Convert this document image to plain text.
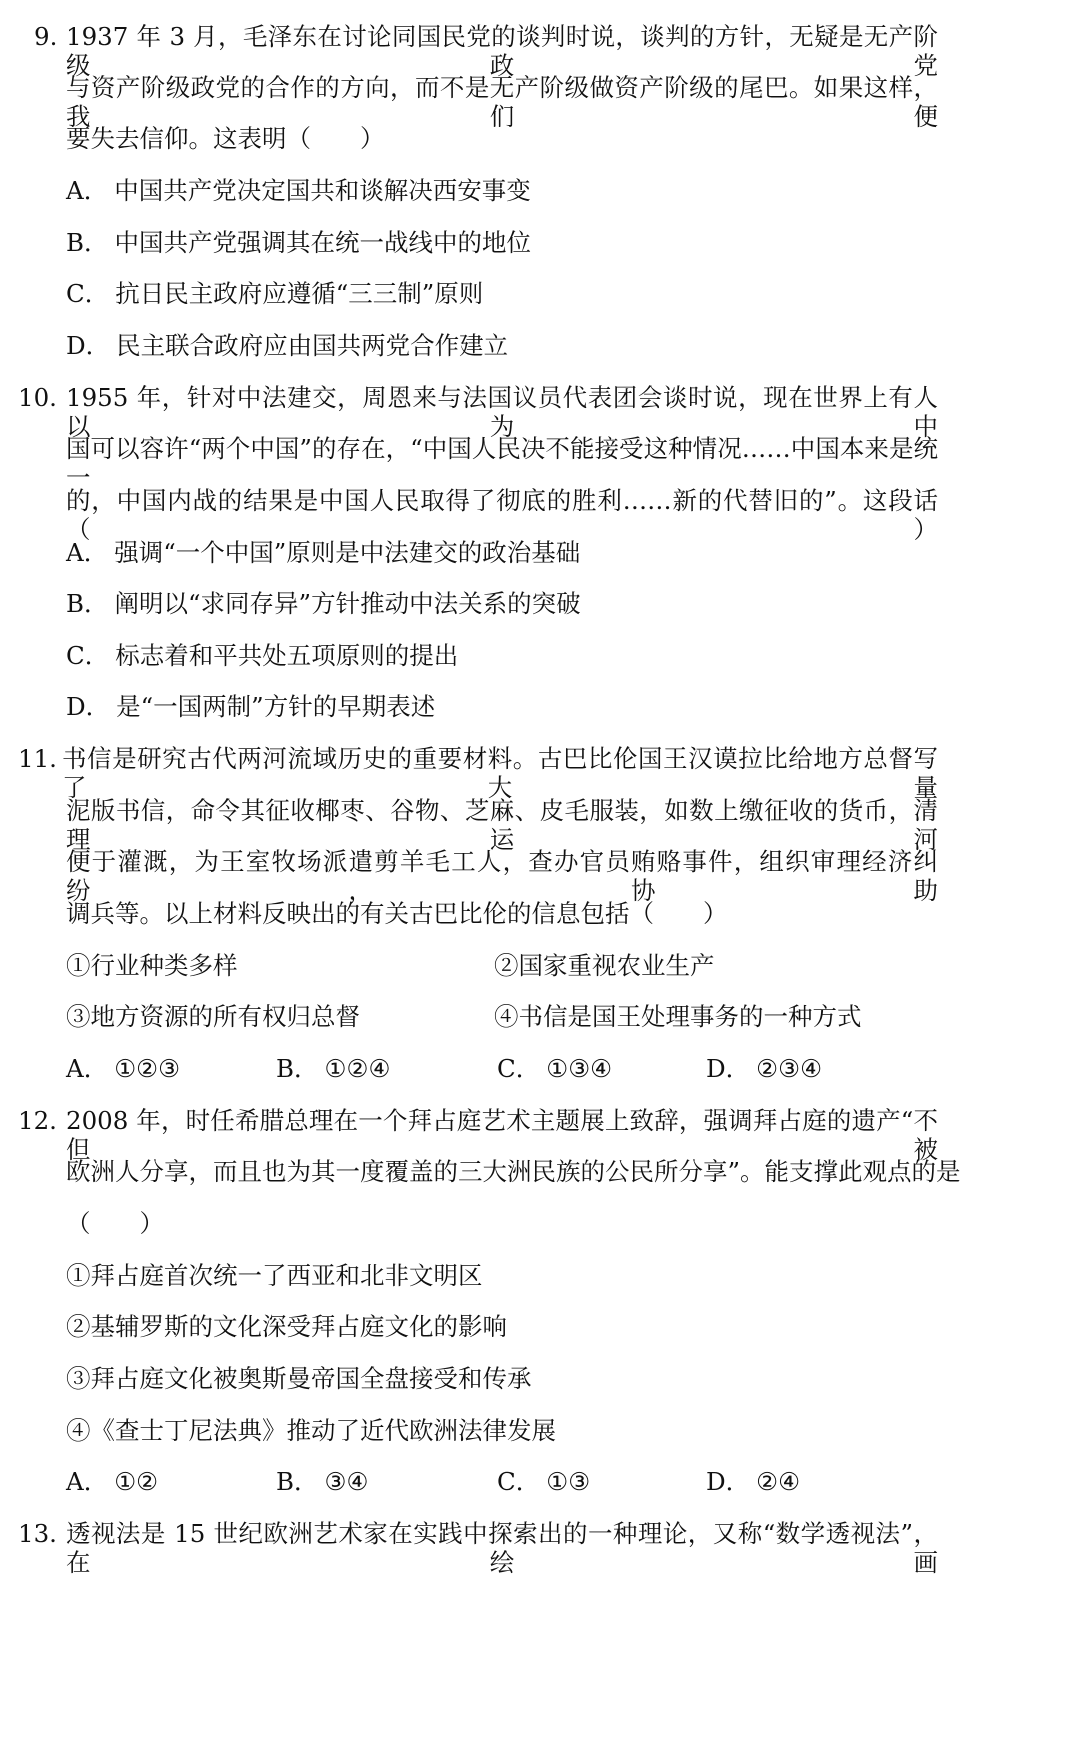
9. 1937 年 3 月，毛泽东在讨论同国民党的谈判时说，谈判的方针，无疑是无产阶级政党
与资产阶级政党的合作的方向，而不是无产阶级做资产阶级的尾巴。如果这样，我们便
要失去信仰。这表明（　　）
A． 中国共产党决定国共和谈解决西安事变
B． 中国共产党强调其在统一战线中的地位
C． 抗日民主政府应遵循“三三制”原则
D． 民主联合政府应由国共两党合作建立
10. 1955 年，针对中法建交，周恩来与法国议员代表团会谈时说，现在世界上有人以为中
国可以容许“两个中国”的存在，“中国人民决不能接受这种情况……中国本来是统一
的，中国内战的结果是中国人民取得了彻底的胜利……新的代替旧的”。这段话（　　）
A． 强调“一个中国”原则是中法建交的政治基础
B． 阐明以“求同存异”方针推动中法关系的突破
C． 标志着和平共处五项原则的提出
D． 是“一国两制”方针的早期表述
11. 书信是研究古代两河流域历史的重要材料。古巴比伦国王汉谟拉比给地方总督写了大量
泥版书信，命令其征收椰枣、谷物、芝麻、皮毛服装，如数上缴征收的货币，清理运河
便于灌溉，为王室牧场派遣剪羊毛工人，查办官员贿赂事件，组织审理经济纠纷，协助
调兵等。以上材料反映出的有关古巴比伦的信息包括（　　）
①行业种类多样	②国家重视农业生产
③地方资源的所有权归总督	④书信是国王处理事务的一种方式
A． ①②③	B． ①②④	C． ①③④	D． ②③④
12. 2008 年，时任希腊总理在一个拜占庭艺术主题展上致辞，强调拜占庭的遗产“不但被
欧洲人分享，而且也为其一度覆盖的三大洲民族的公民所分享”。能支撑此观点的是
（　　）
①拜占庭首次统一了西亚和北非文明区
②基辅罗斯的文化深受拜占庭文化的影响
③拜占庭文化被奥斯曼帝国全盘接受和传承
④《查士丁尼法典》推动了近代欧洲法律发展
A． ①②	B． ③④	C． ①③	D． ②④
13. 透视法是 15 世纪欧洲艺术家在实践中探索出的一种理论，又称“数学透视法”，在绘画
